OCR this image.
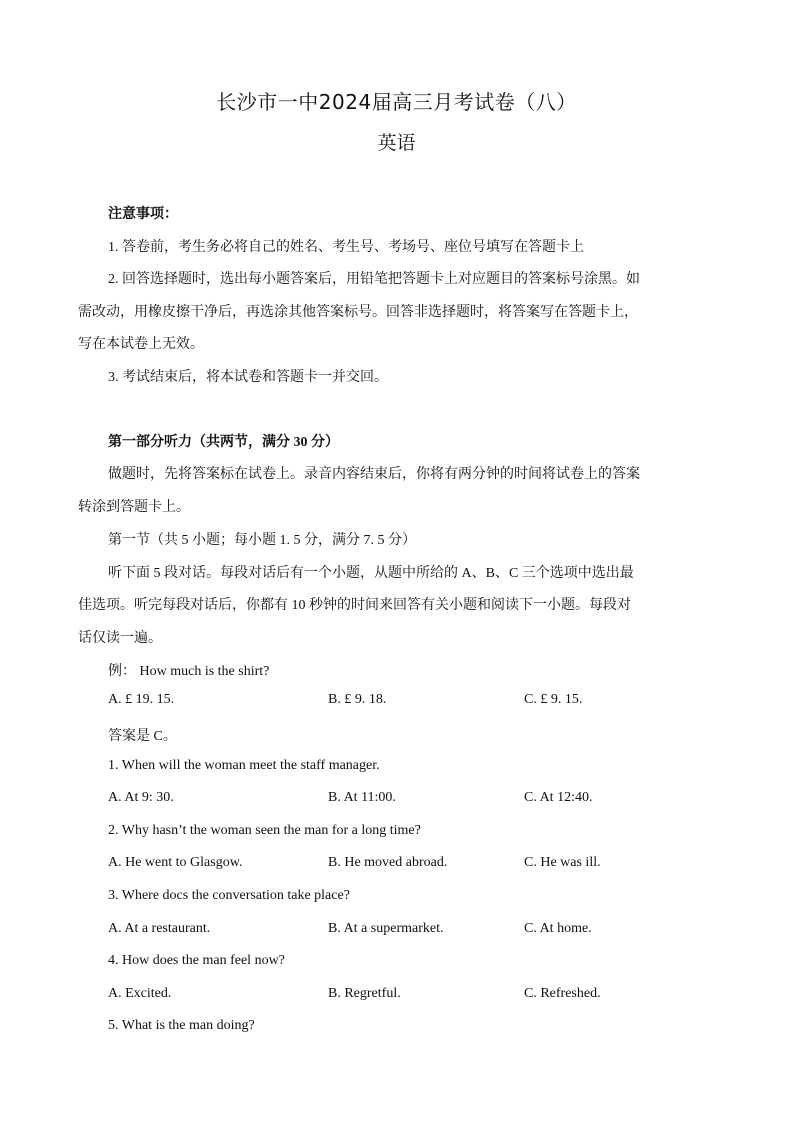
长沙市一中2024届高三月考试卷（八）
英语
注意事项：
1. 答卷前，考生务必将自己的姓名、考生号、考场号、座位号填写在答题卡上
2. 回答选择题时，选出每小题答案后，用铅笔把答题卡上对应题目的答案标号涂黑。如
需改动，用橡皮擦干净后，再选涂其他答案标号。回答非选择题时，将答案写在答题卡上，
写在本试卷上无效。
3. 考试结束后，将本试卷和答题卡一并交回。
第一部分听力（共两节，满分 30 分）
做题时，先将答案标在试卷上。录音内容结束后，你将有两分钟的时间将试卷上的答案
转涂到答题卡上。
第一节（共 5 小题；每小题 1. 5 分，满分 7. 5 分）
听下面 5 段对话。每段对话后有一个小题，从题中所给的 A、B、C 三个选项中选出最
佳选项。听完每段对话后，你都有 10 秒钟的时间来回答有关小题和阅读下一小题。每段对
话仅读一遍。
例： How much is the shirt?
A. £ 19. 15.	B. £ 9. 18.	C. £ 9. 15.
答案是 C。
1. When will the woman meet the staff manager.
A. At 9: 30.	B. At 11:00.	C. At 12:40.
2. Why hasn’t the woman seen the man for a long time?
A. He went to Glasgow.	B. He moved abroad.	C. He was ill.
3. Where docs the conversation take place?
A. At a restaurant.	B. At a supermarket.	C. At home.
4. How does the man feel now?
A. Excited.	B. Regretful.	C. Refreshed.
5. What is the man doing?
